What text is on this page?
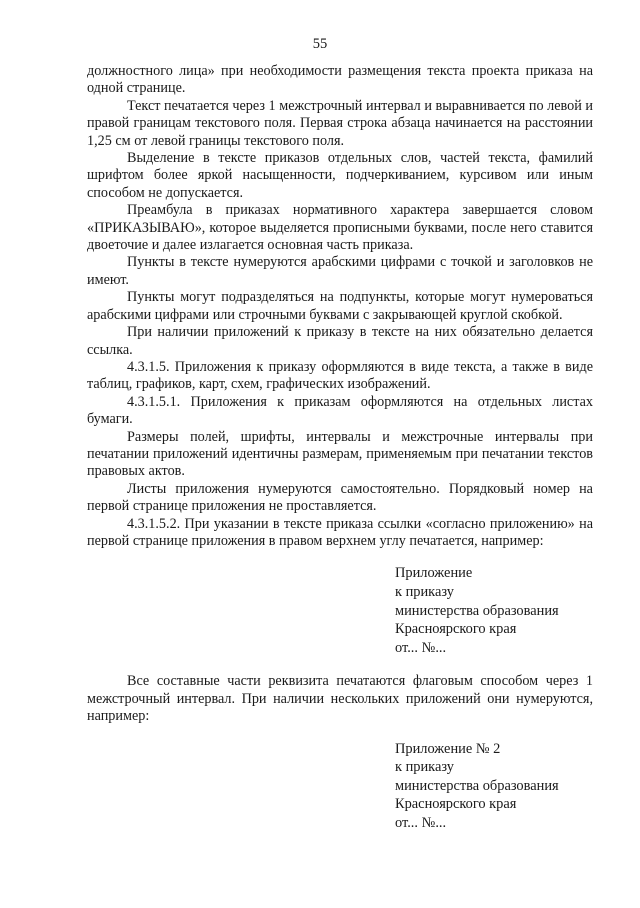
55

должностного лица» при необходимости размещения текста проекта приказа на одной странице.

Текст печатается через 1 межстрочный интервал и выравнивается по левой и правой границам текстового поля. Первая строка абзаца начинается на расстоянии 1,25 см от левой границы текстового поля.

Выделение в тексте приказов отдельных слов, частей текста, фамилий шрифтом более яркой насыщенности, подчеркиванием, курсивом или иным способом не допускается.

Преамбула в приказах нормативного характера завершается словом «ПРИКАЗЫВАЮ», которое выделяется прописными буквами, после него ставится двоеточие и далее излагается основная часть приказа.

Пункты в тексте нумеруются арабскими цифрами с точкой и заголовков не имеют.

Пункты могут подразделяться на подпункты, которые могут нумероваться арабскими цифрами или строчными буквами с закрывающей круглой скобкой.

При наличии приложений к приказу в тексте на них обязательно делается ссылка.

4.3.1.5. Приложения к приказу оформляются в виде текста, а также в виде таблиц, графиков, карт, схем, графических изображений.

4.3.1.5.1. Приложения к приказам оформляются на отдельных листах бумаги.

Размеры полей, шрифты, интервалы и межстрочные интервалы при печатании приложений идентичны размерам, применяемым при печатании текстов правовых актов.

Листы приложения нумеруются самостоятельно. Порядковый номер на первой странице приложения не проставляется.

4.3.1.5.2. При указании в тексте приказа ссылки «согласно приложению» на первой странице приложения в правом верхнем углу печатается, например:

Приложение
к приказу
министерства образования
Красноярского края
от... №...

Все составные части реквизита печатаются флаговым способом через 1 межстрочный интервал. При наличии нескольких приложений они нумеруются, например:

Приложение № 2
к приказу
министерства образования
Красноярского края
от... №...
